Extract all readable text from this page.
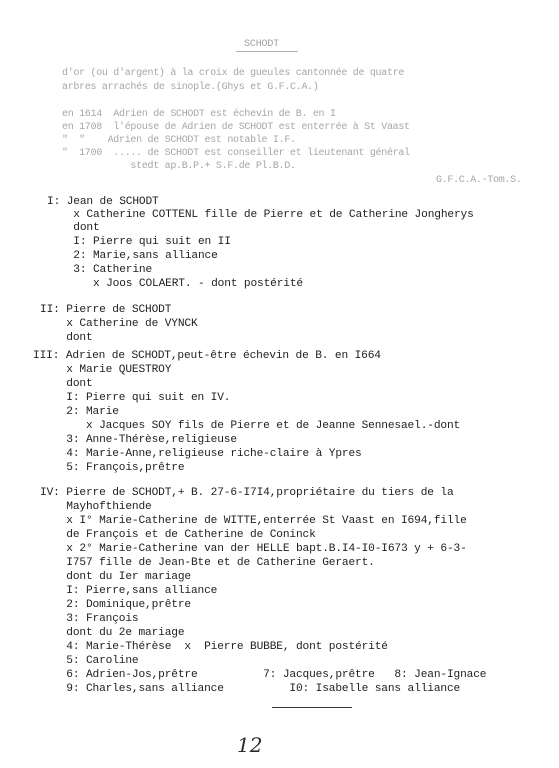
SCHODT
d'or (ou d'argent) à la croix de gueules cantonnée de quatre
arbres arrachés de sinople.(Ghys et G.F.C.A.)
en 1614  Adrien de SCHODT est échevin de B. en I
en 1708  l'épouse de Adrien de SCHODT est enterrée à St Vaast
"  "    Adrien de SCHODT est notable I.F.
"  1700  ..... de SCHODT est conseiller et lieutenant général
stedt ap.B.P.+ S.F.de Pl.B.D.
G.F.C.A.-Tom.S.
I: Jean de SCHODT
x Catherine COTTENL fille de Pierre et de Catherine Jongherys
dont
I: Pierre qui suit en II
2: Marie,sans alliance
3: Catherine
x Joos COLAERT. - dont postérité
II: Pierre de SCHODT
x Catherine de VYNCK
dont
III: Adrien de SCHODT,peut-être échevin de B. en I664
x Marie QUESTROY
dont
I: Pierre qui suit en IV.
2: Marie
x Jacques SOY fils de Pierre et de Jeanne Sennesael.-dont
3: Anne-Thérèse,religieuse
4: Marie-Anne,religieuse riche-claire à Ypres
5: François,prêtre
IV: Pierre de SCHODT,+ B. 27-6-I7I4,propriétaire du tiers de la
Mayhofthiende
x I° Marie-Catherine de WITTE,enterrée St Vaast en I694,fille
de François et de Catherine de Coninck
x 2° Marie-Catherine van der HELLE bapt.B.I4-I0-I673 y + 6-3-
I757 fille de Jean-Bte et de Catherine Geraert.
dont du Ier mariage
I: Pierre,sans alliance
2: Dominique,prêtre
3: François
dont du 2e mariage
4: Marie-Thérèse  x  Pierre BUBBE, dont postérité
5: Caroline
6: Adrien-Jos,prêtre          7: Jacques,prêtre   8: Jean-Ignace
9: Charles,sans alliance          I0: Isabelle sans alliance
12
